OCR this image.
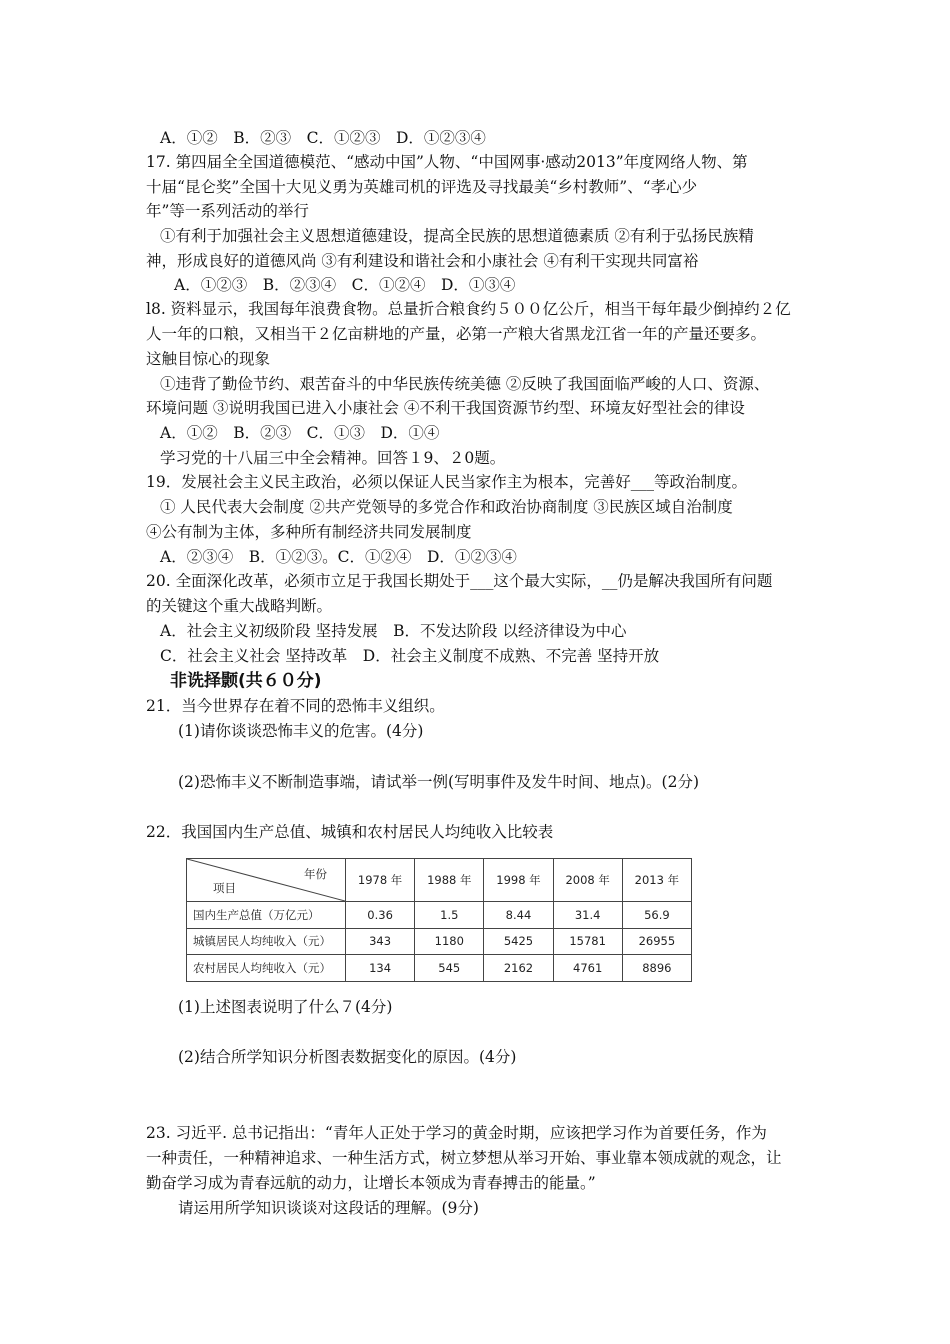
A．①②　B．②③　C．①②③　D．①②③④
17. 第四届全全国道德模范、“感动中国”人物、“中国网事·感动2013”年度网络人物、第
十届“昆仑奖”全国十大见义勇为英雄司机的评选及寻找最美“乡村教师”、“孝心少
年”等一系列活动的举行
①有利于加强社会主义恩想道德建设，提高全民族的思想道德素质 ②有利于弘扬民族精
神，形成良好的道德风尚 ③有利建设和谐社会和小康社会 ④有利干实现共同富裕
A．①②③　B．②③④　C．①②④　D．①③④
l8. 资料显示，我国每年浪费食物。总量折合粮食约５００亿公斤，相当干每年最少倒掉约２亿
人一年的口粮，又相当干２亿亩耕地的产量，必第一产粮大省黑龙江省一年的产量还要多。
这触目惊心的现象
①违背了勤俭节约、艰苦奋斗的中华民族传统美德 ②反映了我国面临严峻的人口、资源、
环境问题 ③说明我国已进入小康社会 ④不利干我国资源节约型、环境友好型社会的律设
A．①②　B．②③　C．①③　D．①④
学习党的十八届三中全会精神。回答１9、２0题。
19．发展社会主义民主政治，必须以保证人民当家作主为根本，完善好___等政治制度。
① 人民代表大会制度 ②共产党领导的多党合作和政治协商制度 ③民族区域自治制度
④公有制为主体，多种所有制经济共同发展制度
A．②③④　B．①②③。C．①②④　D．①②③④
20. 全面深化改革，必须市立足于我国长期处于___这个最大实际，__仍是解决我国所有问题
的关键这个重大战略判断。
A．社会主义初级阶段 坚持发展　B．不发达阶段 以经济律设为中心
C．社会主义社会 坚持改革　D．社会主义制度不成熟、不完善 坚持开放
非诜择颢(共６０分)
21．当今世界存在着不同的恐怖丰义组织。
(1)请你谈谈恐怖丰义的危害。(4分)
(2)恐怖丰义不断制造事端，请试举一例(写明事件及发牛时间、地点)。(2分)
22．我国国内生产总值、城镇和农村居民人均纯收入比较表
年份
项目	1978 年	1988 年	1998 年	2008 年	2013 年
国内生产总值（万亿元）	0.36	1.5	8.44	31.4	56.9
城镇居民人均纯收入（元）	343	1180	5425	15781	26955
农村居民人均纯收入（元）	134	545	2162	4761	8896
(1)上述图表说明了什么７(4分)
(2)结合所学知识分析图表数据变化的原因。(4分)
23. 习近平. 总书记指出：“青年人正处于学习的黄金时期，应该把学习作为首要任务，作为
一种责任，一种精神追求、一种生活方式，树立梦想从举习开始、事业靠本领成就的观念，让
勤奋学习成为青春远航的动力，让增长本领成为青春搏击的能量。”
请运用所学知识谈谈对这段话的理解。(9分)
